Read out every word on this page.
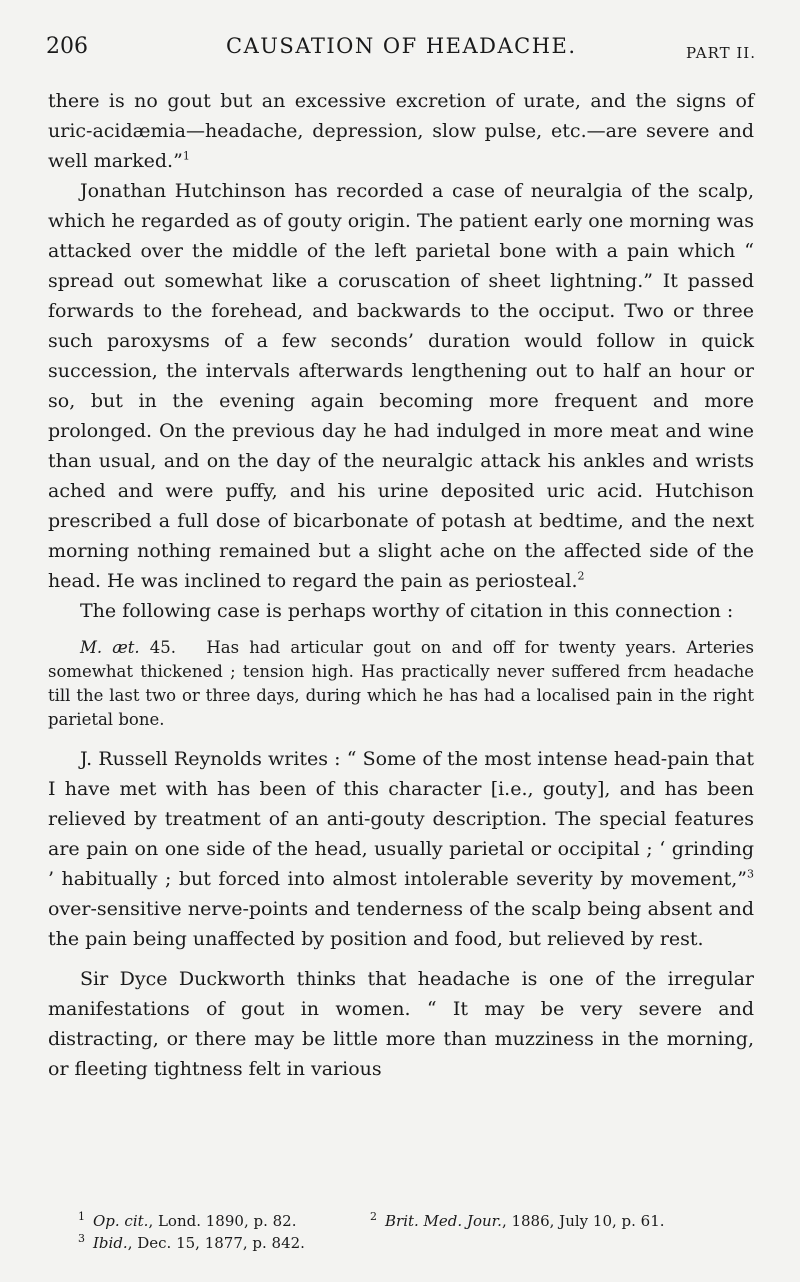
206	CAUSATION OF HEADACHE.	PART II.

there is no gout but an excessive excretion of urate, and the signs of uric-acidæmia—headache, depression, slow pulse, etc.—are severe and well marked.”$^1$

Jonathan Hutchinson has recorded a case of neuralgia of the scalp, which he regarded as of gouty origin. The patient early one morning was attacked over the middle of the left parietal bone with a pain which “ spread out somewhat like a coruscation of sheet lightning.” It passed forwards to the forehead, and backwards to the occiput. Two or three such paroxysms of a few seconds’ duration would follow in quick succession, the intervals afterwards lengthening out to half an hour or so, but in the evening again becoming more frequent and more prolonged. On the previous day he had indulged in more meat and wine than usual, and on the day of the neuralgic attack his ankles and wrists ached and were puffy, and his urine deposited uric acid. Hutchison prescribed a full dose of bicarbonate of potash at bedtime, and the next morning nothing remained but a slight ache on the affected side of the head. He was inclined to regard the pain as periosteal.$^2$

The following case is perhaps worthy of citation in this connection :

M. æt. 45. Has had articular gout on and off for twenty years. Arteries somewhat thickened ; tension high. Has practically never suffered frcm headache till the last two or three days, during which he has had a localised pain in the right parietal bone.

J. Russell Reynolds writes : “ Some of the most intense head-pain that I have met with has been of this character [i.e., gouty], and has been relieved by treatment of an anti-gouty description. The special features are pain on one side of the head, usually parietal or occipital ; ‘ grinding ’ habitually ; but forced into almost intolerable severity by movement,”$^3$ over-sensitive nerve-points and tenderness of the scalp being absent and the pain being unaffected by position and food, but relieved by rest.

Sir Dyce Duckworth thinks that headache is one of the irregular manifestations of gout in women. “ It may be very severe and distracting, or there may be little more than muzziness in the morning, or fleeting tightness felt in various

$^1$ Op. cit., Lond. 1890, p. 82.	$^2$ Brit. Med. Jour., 1886, July 10, p. 61.
$^3$ Ibid., Dec. 15, 1877, p. 842.
